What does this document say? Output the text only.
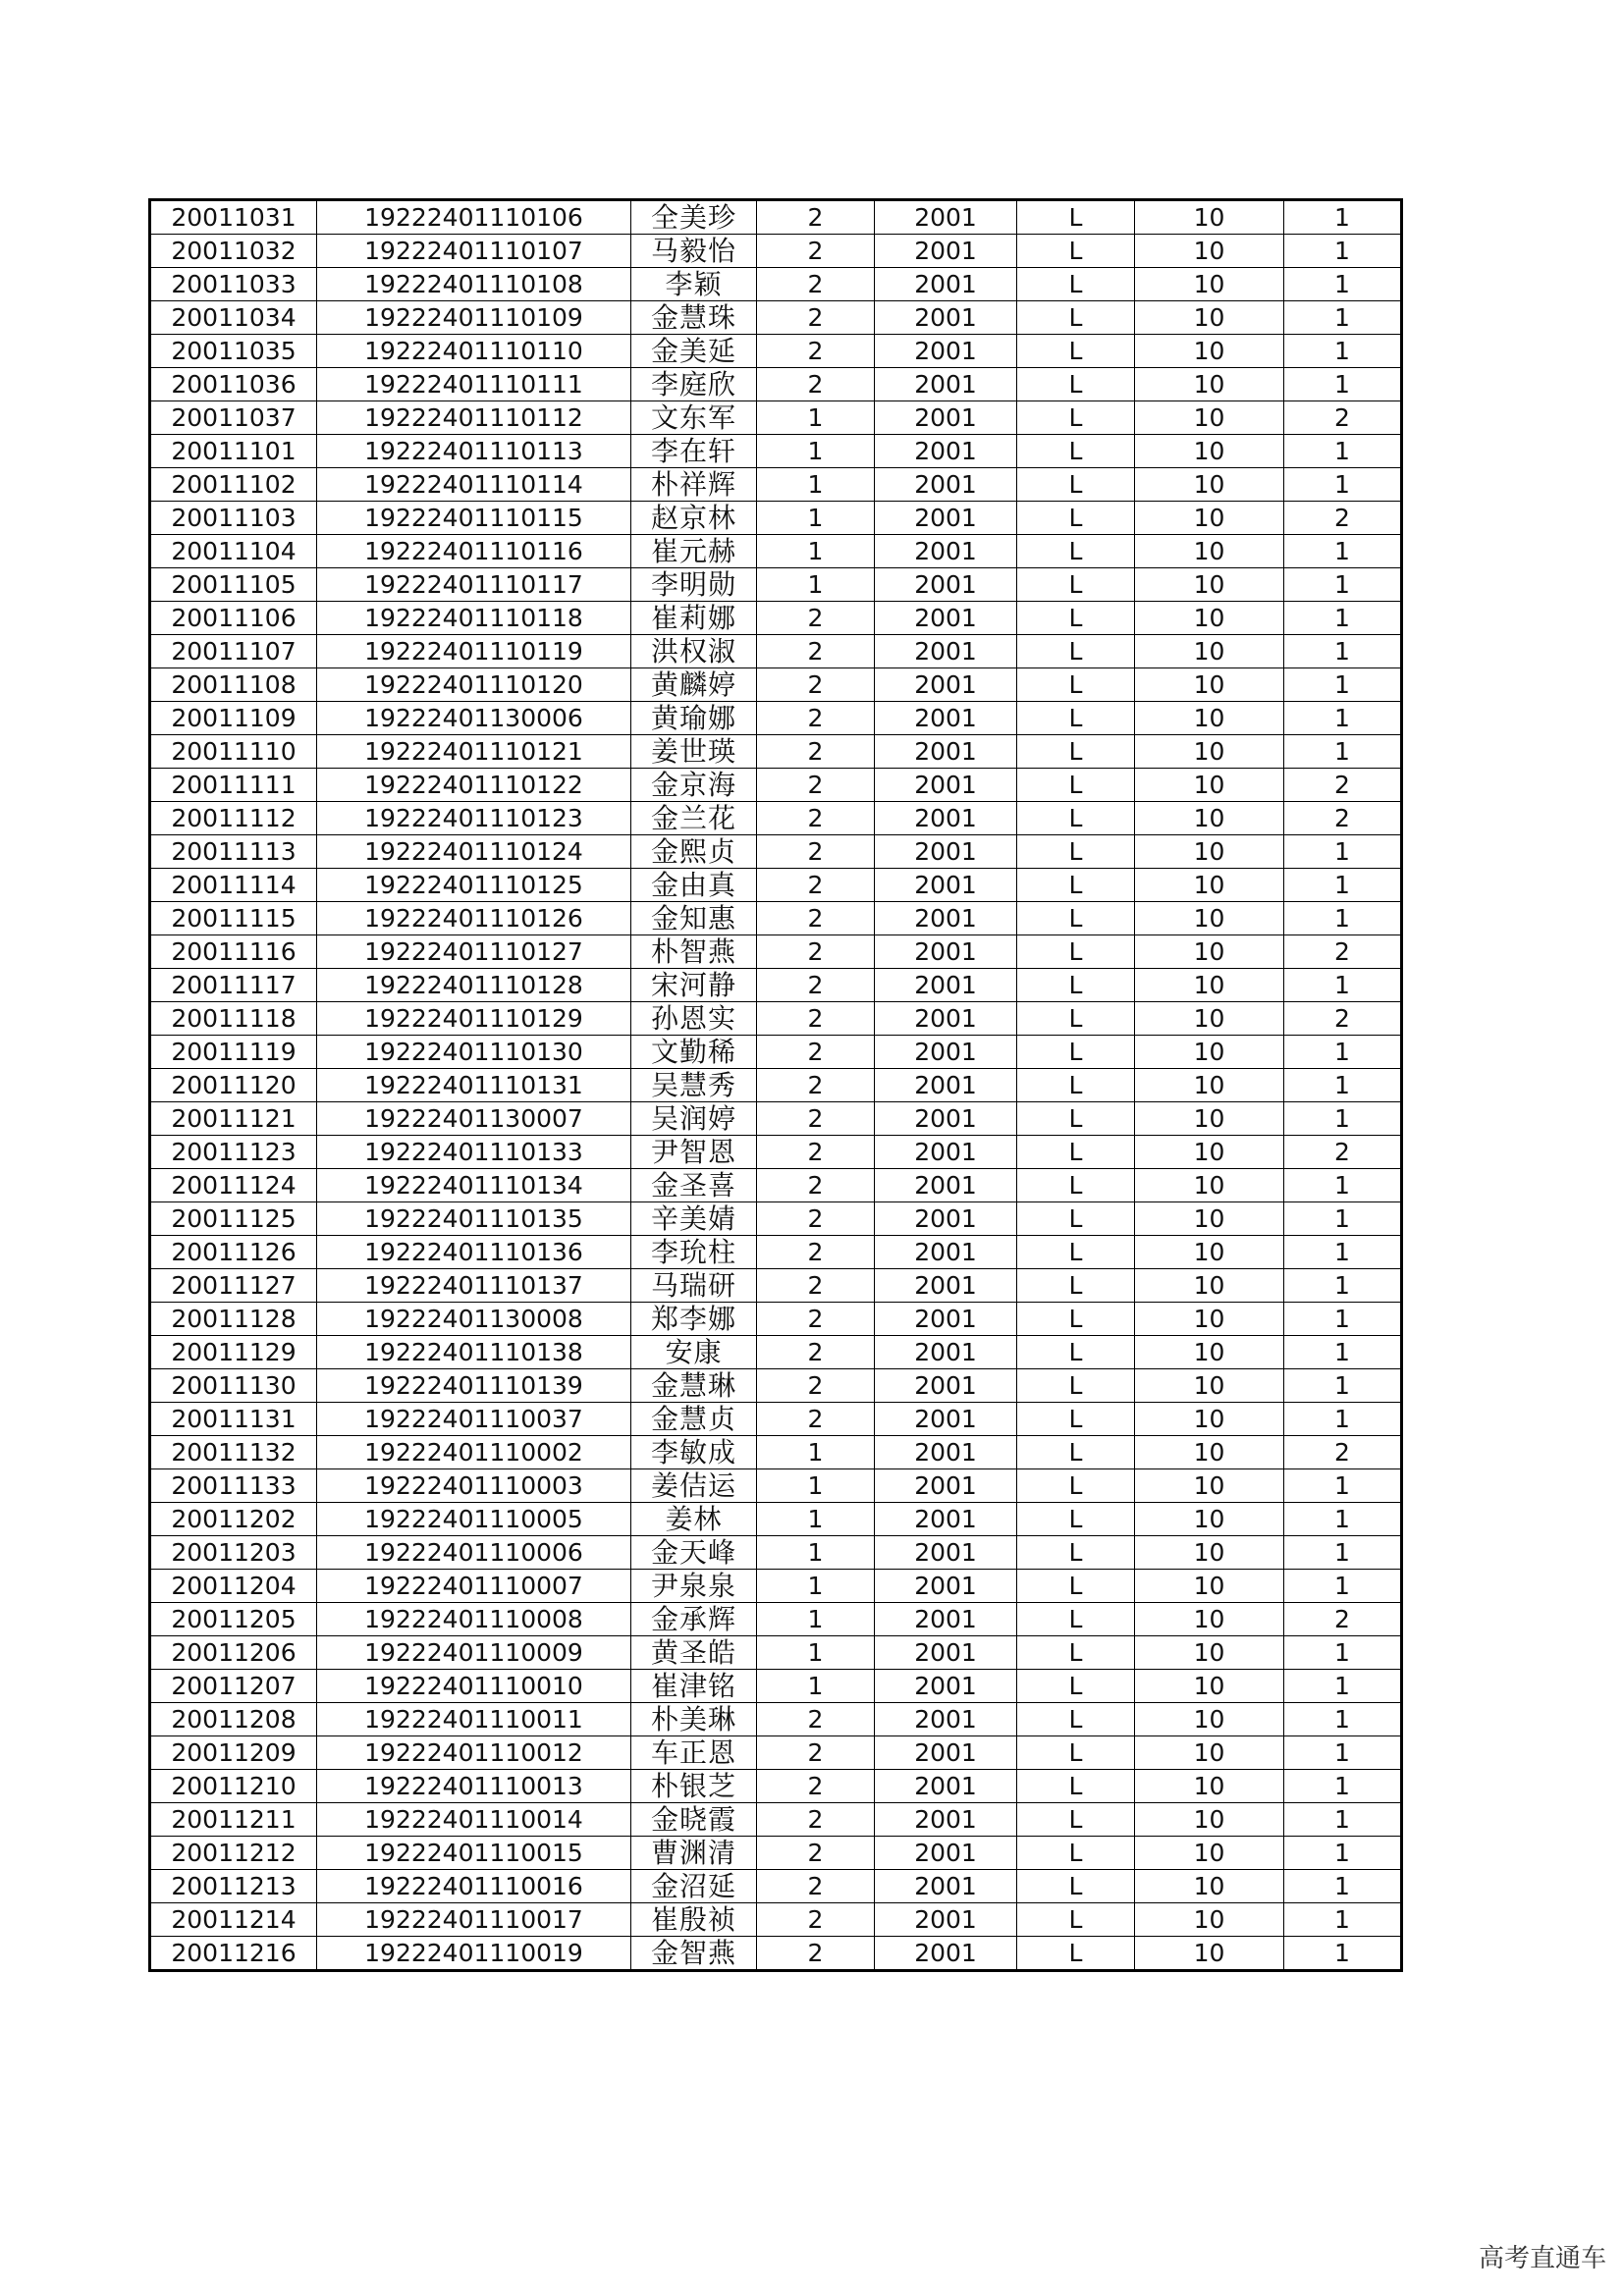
20011031	19222401110106	全美珍	2	2001	L	10	1
20011032	19222401110107	马毅怡	2	2001	L	10	1
20011033	19222401110108	李颖	2	2001	L	10	1
20011034	19222401110109	金慧珠	2	2001	L	10	1
20011035	19222401110110	金美延	2	2001	L	10	1
20011036	19222401110111	李庭欣	2	2001	L	10	1
20011037	19222401110112	文东军	1	2001	L	10	2
20011101	19222401110113	李在轩	1	2001	L	10	1
20011102	19222401110114	朴祥辉	1	2001	L	10	1
20011103	19222401110115	赵京林	1	2001	L	10	2
20011104	19222401110116	崔元赫	1	2001	L	10	1
20011105	19222401110117	李明勋	1	2001	L	10	1
20011106	19222401110118	崔莉娜	2	2001	L	10	1
20011107	19222401110119	洪权淑	2	2001	L	10	1
20011108	19222401110120	黄麟婷	2	2001	L	10	1
20011109	19222401130006	黄瑜娜	2	2001	L	10	1
20011110	19222401110121	姜世瑛	2	2001	L	10	1
20011111	19222401110122	金京海	2	2001	L	10	2
20011112	19222401110123	金兰花	2	2001	L	10	2
20011113	19222401110124	金熙贞	2	2001	L	10	1
20011114	19222401110125	金由真	2	2001	L	10	1
20011115	19222401110126	金知惠	2	2001	L	10	1
20011116	19222401110127	朴智燕	2	2001	L	10	2
20011117	19222401110128	宋河静	2	2001	L	10	1
20011118	19222401110129	孙恩实	2	2001	L	10	2
20011119	19222401110130	文勤稀	2	2001	L	10	1
20011120	19222401110131	吴慧秀	2	2001	L	10	1
20011121	19222401130007	吴润婷	2	2001	L	10	1
20011123	19222401110133	尹智恩	2	2001	L	10	2
20011124	19222401110134	金圣喜	2	2001	L	10	1
20011125	19222401110135	辛美婧	2	2001	L	10	1
20011126	19222401110136	李玧柱	2	2001	L	10	1
20011127	19222401110137	马瑞研	2	2001	L	10	1
20011128	19222401130008	郑李娜	2	2001	L	10	1
20011129	19222401110138	安康	2	2001	L	10	1
20011130	19222401110139	金慧琳	2	2001	L	10	1
20011131	19222401110037	金慧贞	2	2001	L	10	1
20011132	19222401110002	李敏成	1	2001	L	10	2
20011133	19222401110003	姜佶运	1	2001	L	10	1
20011202	19222401110005	姜林	1	2001	L	10	1
20011203	19222401110006	金天峰	1	2001	L	10	1
20011204	19222401110007	尹泉泉	1	2001	L	10	1
20011205	19222401110008	金承辉	1	2001	L	10	2
20011206	19222401110009	黄圣皓	1	2001	L	10	1
20011207	19222401110010	崔津铭	1	2001	L	10	1
20011208	19222401110011	朴美琳	2	2001	L	10	1
20011209	19222401110012	车正恩	2	2001	L	10	1
20011210	19222401110013	朴银芝	2	2001	L	10	1
20011211	19222401110014	金晓霞	2	2001	L	10	1
20011212	19222401110015	曹渊清	2	2001	L	10	1
20011213	19222401110016	金沼延	2	2001	L	10	1
20011214	19222401110017	崔殷祯	2	2001	L	10	1
20011216	19222401110019	金智燕	2	2001	L	10	1
高考直通车
